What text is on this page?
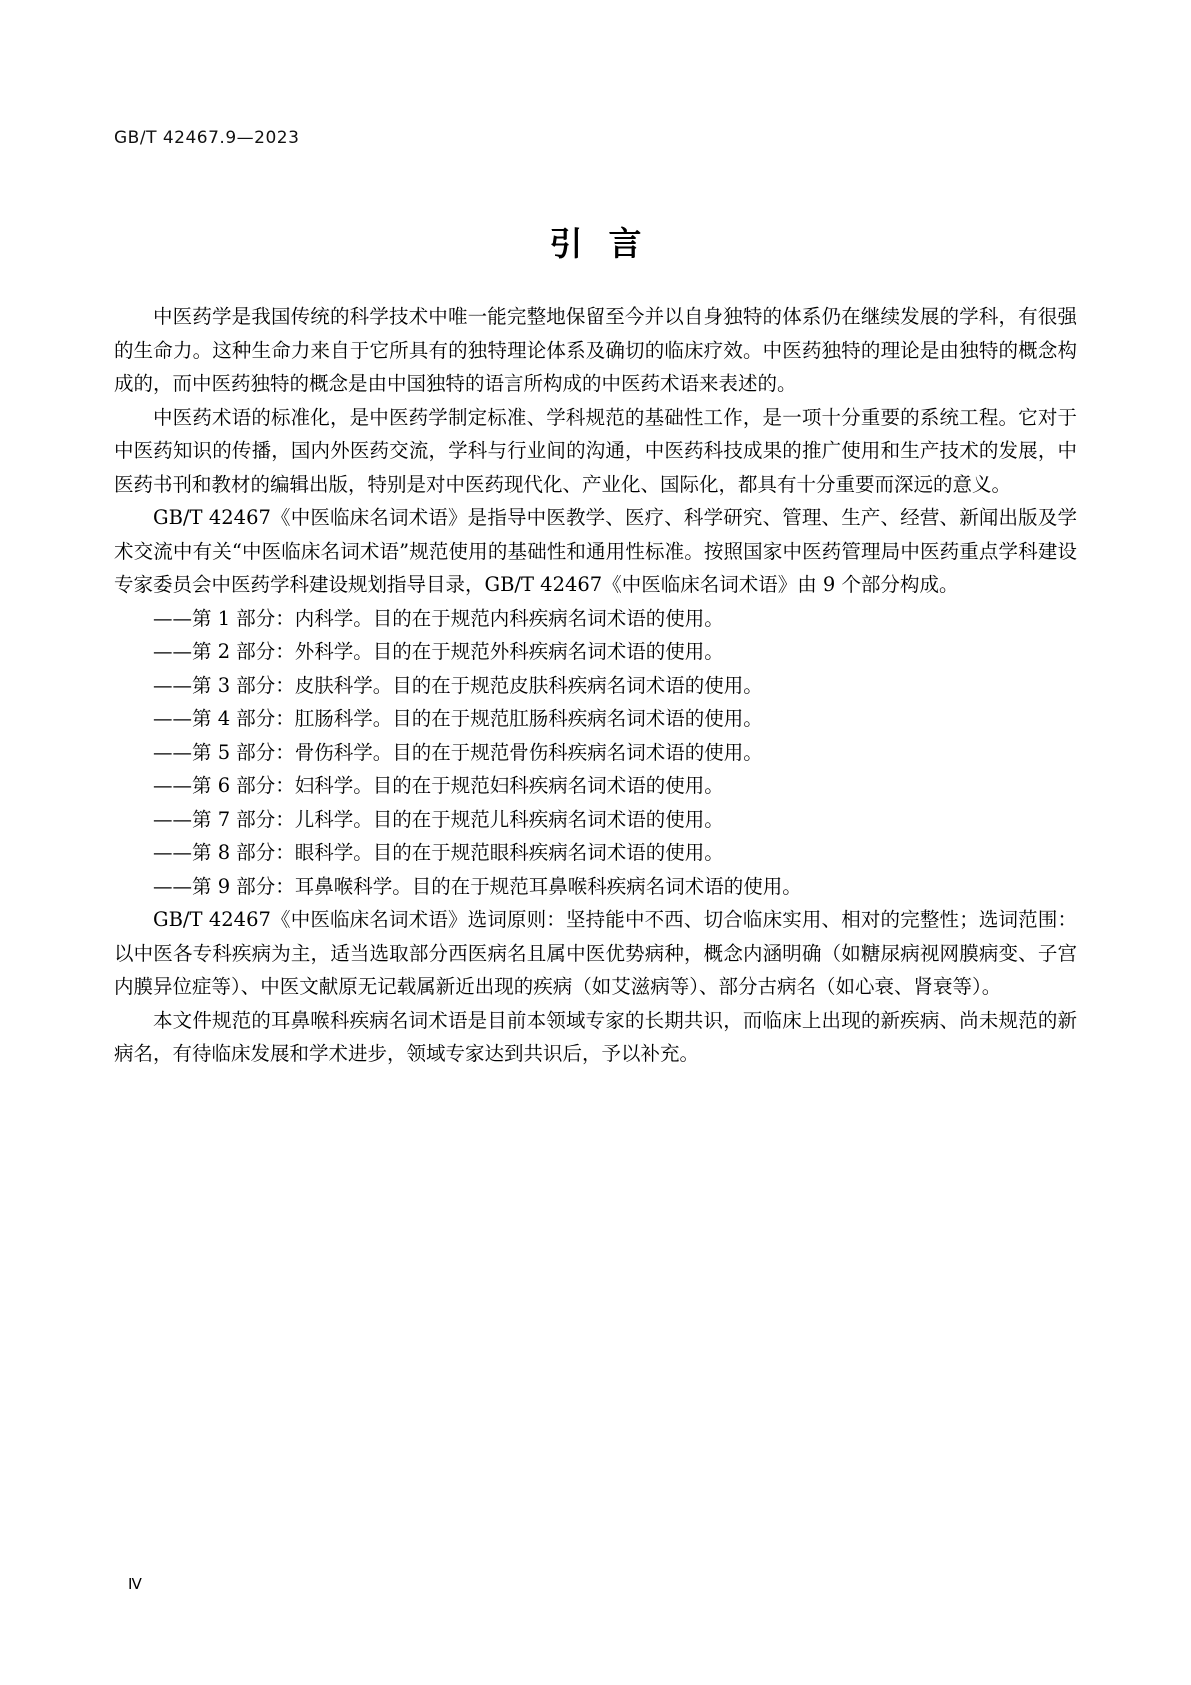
GB/T 42467.9—2023
引言

中医药学是我国传统的科学技术中唯一能完整地保留至今并以自身独特的体系仍在继续发展的学科，有很强的生命力。这种生命力来自于它所具有的独特理论体系及确切的临床疗效。中医药独特的理论是由独特的概念构成的，而中医药独特的概念是由中国独特的语言所构成的中医药术语来表述的。

中医药术语的标准化，是中医药学制定标准、学科规范的基础性工作，是一项十分重要的系统工程。它对于中医药知识的传播，国内外医药交流，学科与行业间的沟通，中医药科技成果的推广使用和生产技术的发展，中医药书刊和教材的编辑出版，特别是对中医药现代化、产业化、国际化，都具有十分重要而深远的意义。

GB/T 42467《中医临床名词术语》是指导中医教学、医疗、科学研究、管理、生产、经营、新闻出版及学术交流中有关“中医临床名词术语”规范使用的基础性和通用性标准。按照国家中医药管理局中医药重点学科建设专家委员会中医药学科建设规划指导目录，GB/T 42467《中医临床名词术语》由 9 个部分构成。

——第 1 部分：内科学。目的在于规范内科疾病名词术语的使用。

——第 2 部分：外科学。目的在于规范外科疾病名词术语的使用。

——第 3 部分：皮肤科学。目的在于规范皮肤科疾病名词术语的使用。

——第 4 部分：肛肠科学。目的在于规范肛肠科疾病名词术语的使用。

——第 5 部分：骨伤科学。目的在于规范骨伤科疾病名词术语的使用。

——第 6 部分：妇科学。目的在于规范妇科疾病名词术语的使用。

——第 7 部分：儿科学。目的在于规范儿科疾病名词术语的使用。

——第 8 部分：眼科学。目的在于规范眼科疾病名词术语的使用。

——第 9 部分：耳鼻喉科学。目的在于规范耳鼻喉科疾病名词术语的使用。

GB/T 42467《中医临床名词术语》选词原则：坚持能中不西、切合临床实用、相对的完整性；选词范围：以中医各专科疾病为主，适当选取部分西医病名且属中医优势病种，概念内涵明确（如糖尿病视网膜病变、子宫内膜异位症等）、中医文献原无记载属新近出现的疾病（如艾滋病等）、部分古病名（如心衰、肾衰等）。

本文件规范的耳鼻喉科疾病名词术语是目前本领域专家的长期共识，而临床上出现的新疾病、尚未规范的新病名，有待临床发展和学术进步，领域专家达到共识后，予以补充。

Ⅳ
